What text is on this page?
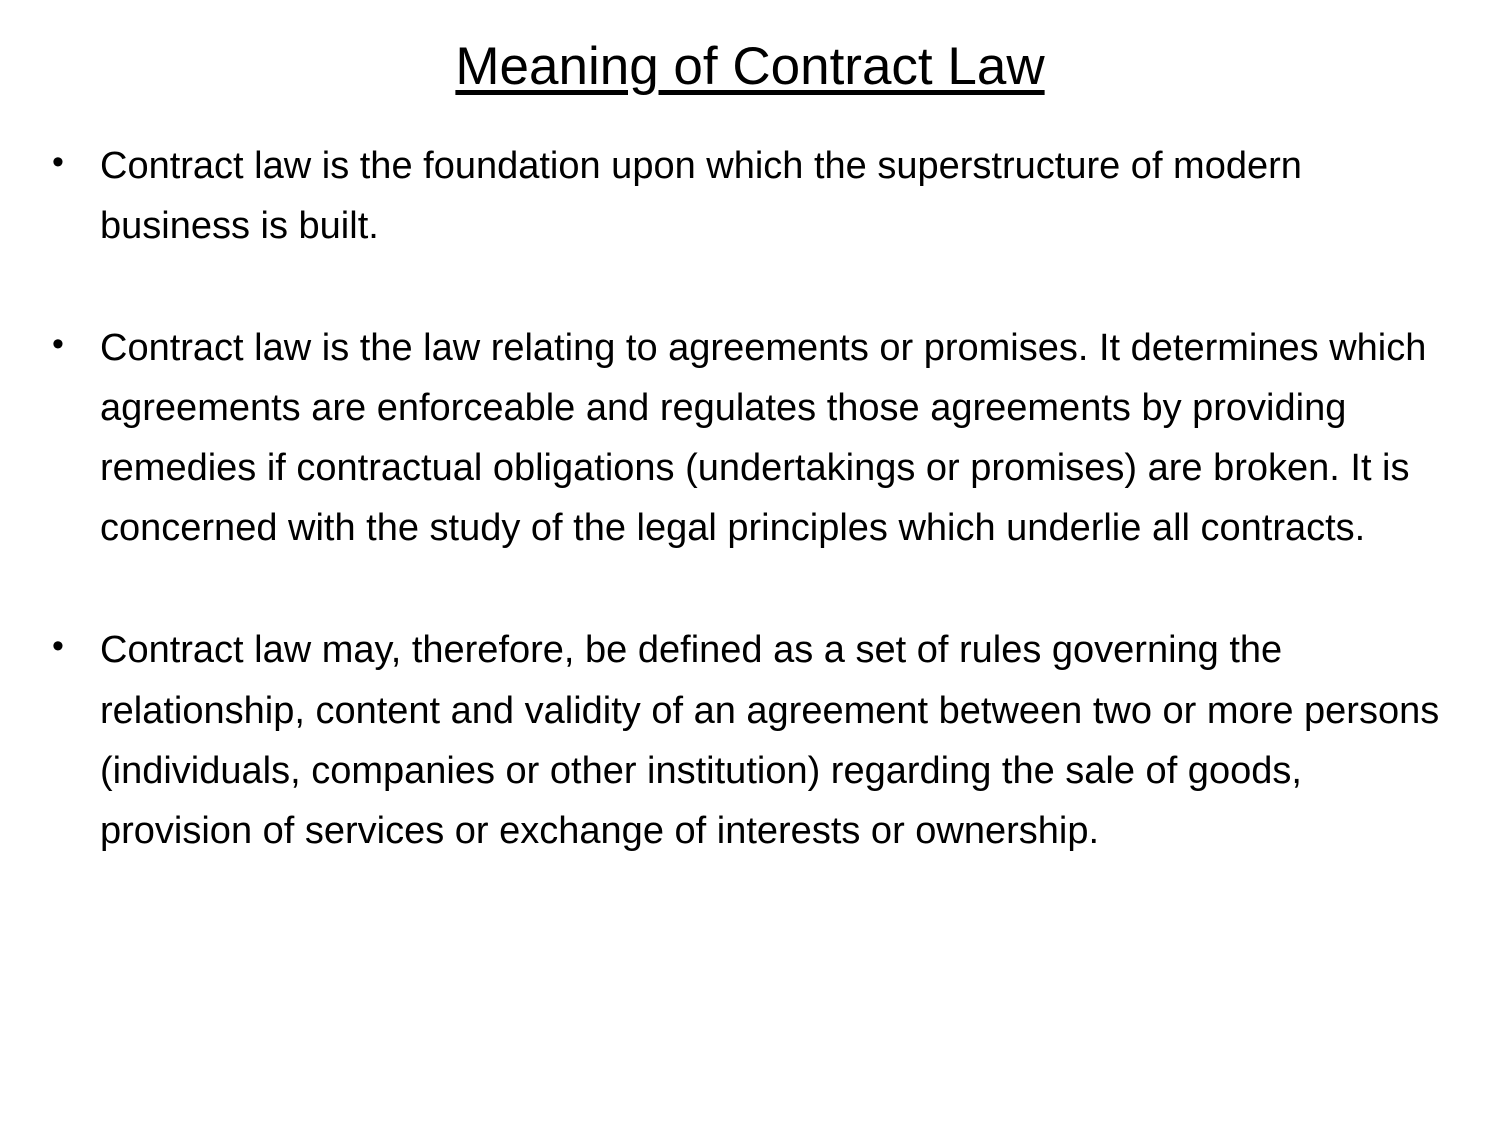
Meaning of Contract Law
• Contract law is the foundation upon which the superstructure of modern business is built.
• Contract law is the law relating to agreements or promises. It determines which agreements are enforceable and regulates those agreements by providing remedies if contractual obligations (undertakings or promises) are broken. It is concerned with the study of the legal principles which underlie all contracts.
• Contract law may, therefore, be defined as a set of rules governing the relationship, content and validity of an agreement between two or more persons (individuals, companies or other institution) regarding the sale of goods, provision of services or exchange of interests or ownership.
